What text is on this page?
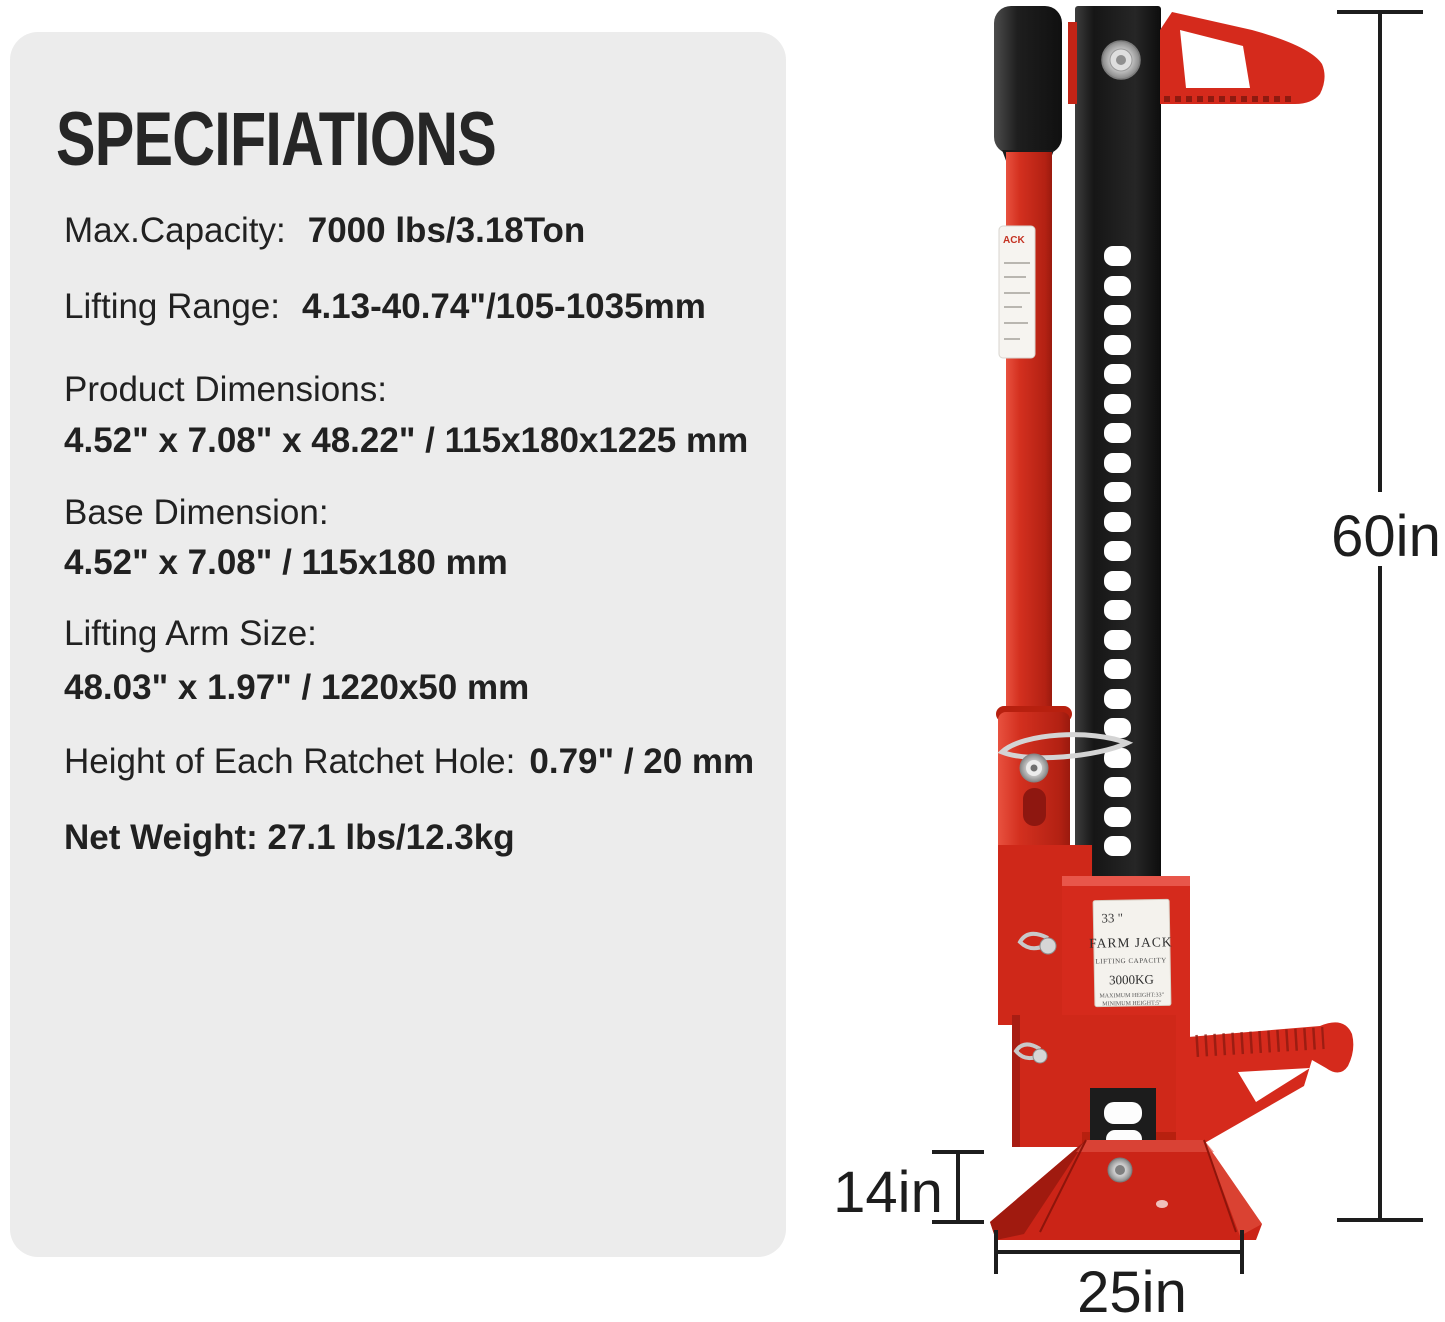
SPECIFIATIONS
Max.Capacity: 7000 lbs/3.18Ton
Lifting Range: 4.13-40.74"/105-1035mm
Product Dimensions:
4.52" x 7.08" x 48.22" / 115x180x1225 mm
Base Dimension:
4.52" x 7.08" / 115x180 mm
Lifting Arm Size:
48.03" x 1.97" / 1220x50 mm
Height of Each Ratchet Hole: 0.79" / 20 mm
Net Weight: 27.1 lbs/12.3kg
ACK
33 "
FARM JACK
LIFTING CAPACITY
3000KG
MAXIMUM HEIGHT:33"
MINIMUM HEIGHT:5"
60in
14in
25in
